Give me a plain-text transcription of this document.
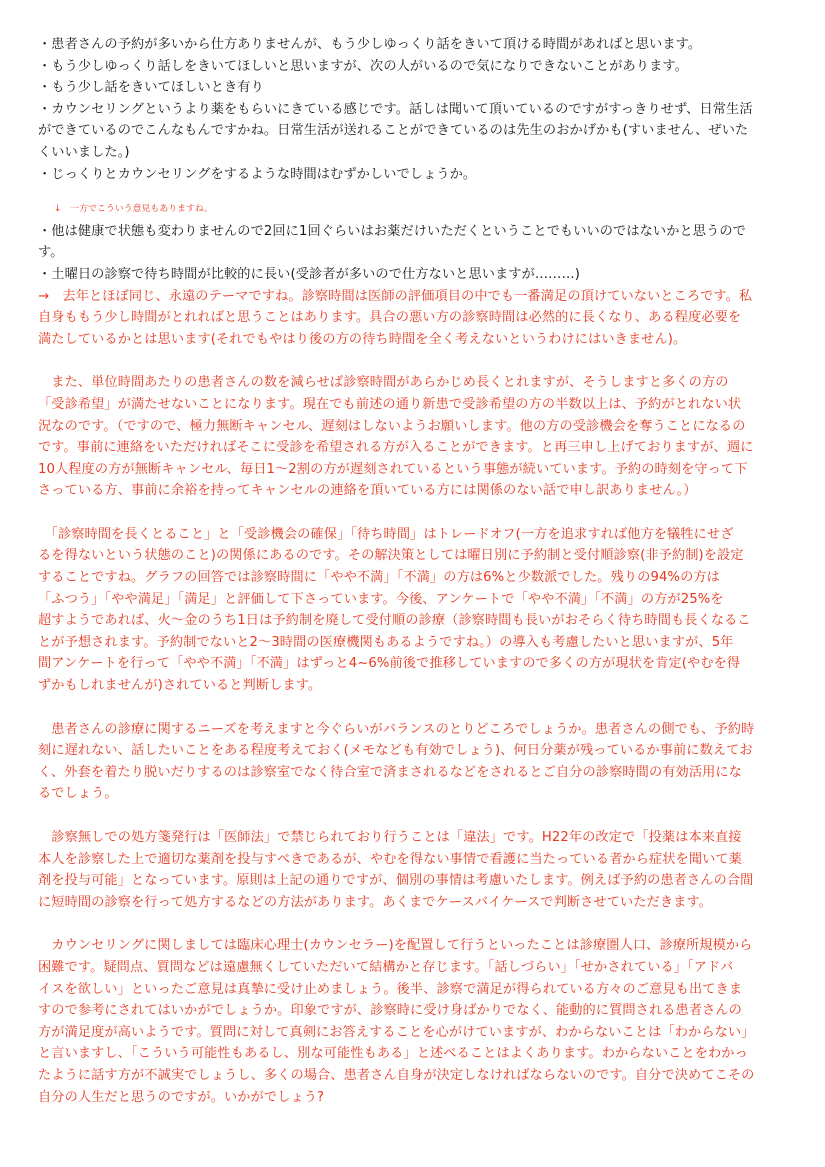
・患者さんの予約が多いから仕方ありませんが、もう少しゆっくり話をきいて頂ける時間があればと思います。
・もう少しゆっくり話しをきいてほしいと思いますが、次の人がいるので気になりできないことがあります。
・もう少し話をきいてほしいとき有り
・カウンセリングというより薬をもらいにきている感じです。話しは聞いて頂いているのですがすっきりせず、日常生活
ができているのでこんなもんですかね。日常生活が送れることができているのは先生のおかげかも(すいません、ぜいた
くいいました。)
・じっくりとカウンセリングをするような時間はむずかしいでしょうか。
↓　一方でこういう意見もありますね。
・他は健康で状態も変わりませんので2回に1回ぐらいはお薬だけいただくということでもいいのではないかと思うので
す。
・土曜日の診察で待ち時間が比較的に長い(受診者が多いので仕方ないと思いますが………)
→　去年とほぼ同じ、永遠のテーマですね。診察時間は医師の評価項目の中でも一番満足の頂けていないところです。私
自身ももう少し時間がとれればと思うことはあります。具合の悪い方の診察時間は必然的に長くなり、ある程度必要を
満たしているかとは思います(それでもやはり後の方の待ち時間を全く考えないというわけにはいきません)。
　また、単位時間あたりの患者さんの数を減らせば診察時間があらかじめ長くとれますが、そうしますと多くの方の
「受診希望」が満たせないことになります。現在でも前述の通り新患で受診希望の方の半数以上は、予約がとれない状
況なのです。（ですので、極力無断キャンセル、遅刻はしないようお願いします。他の方の受診機会を奪うことになるの
です。事前に連絡をいただければそこに受診を希望される方が入ることができます。と再三申し上げておりますが、週に
10人程度の方が無断キャンセル、毎日1〜2割の方が遅刻されているという事態が続いています。予約の時刻を守って下
さっている方、事前に余裕を持ってキャンセルの連絡を頂いている方には関係のない話で申し訳ありません。）
　「診察時間を長くとること」と「受診機会の確保」「待ち時間」はトレードオフ(一方を追求すれば他方を犠牲にせざ
るを得ないという状態のこと)の関係にあるのです。その解決策としては曜日別に予約制と受付順診察(非予約制)を設定
することですね。グラフの回答では診察時間に「やや不満」「不満」の方は6%と少数派でした。残りの94%の方は
「ふつう」「やや満足」「満足」と評価して下さっています。今後、アンケートで「やや不満」「不満」の方が25%を
超すようであれば、火〜金のうち1日は予約制を廃して受付順の診療（診察時間も長いがおそらく待ち時間も長くなるこ
とが予想されます。予約制でないと2〜3時間の医療機関もあるようですね。）の導入も考慮したいと思いますが、5年
間アンケートを行って「やや不満」「不満」はずっと4~6%前後で推移していますので多くの方が現状を肯定(やむを得
ずかもしれませんが)されていると判断します。
　患者さんの診療に関するニーズを考えますと今ぐらいがバランスのとりどころでしょうか。患者さんの側でも、予約時
刻に遅れない、話したいことをある程度考えておく(メモなども有効でしょう)、何日分薬が残っているか事前に数えてお
く、外套を着たり脱いだりするのは診察室でなく待合室で済まされるなどをされるとご自分の診察時間の有効活用にな
るでしょう。
　診察無しでの処方箋発行は「医師法」で禁じられており行うことは「違法」です。H22年の改定で「投薬は本来直接
本人を診察した上で適切な薬剤を投与すべきであるが、やむを得ない事情で看護に当たっている者から症状を聞いて薬
剤を投与可能」となっています。原則は上記の通りですが、個別の事情は考慮いたします。例えば予約の患者さんの合間
に短時間の診察を行って処方するなどの方法があります。あくまでケースバイケースで判断させていただきます。
　カウンセリングに関しましては臨床心理士(カウンセラー)を配置して行うといったことは診療圏人口、診療所規模から
困難です。疑問点、質問などは遠慮無くしていただいて結構かと存じます。「話しづらい」「せかされている」「アドバ
イスを欲しい」といったご意見は真摯に受け止めましょう。後半、診察で満足が得られている方々のご意見も出てきま
すので参考にされてはいかがでしょうか。印象ですが、診察時に受け身ばかりでなく、能動的に質問される患者さんの
方が満足度が高いようです。質問に対して真剣にお答えすることを心がけていますが、わからないことは「わからない」
と言いますし、「こういう可能性もあるし、別な可能性もある」と述べることはよくあります。わからないことをわかっ
たように話す方が不誠実でしょうし、多くの場合、患者さん自身が決定しなければならないのです。自分で決めてこその
自分の人生だと思うのですが。いかがでしょう?
